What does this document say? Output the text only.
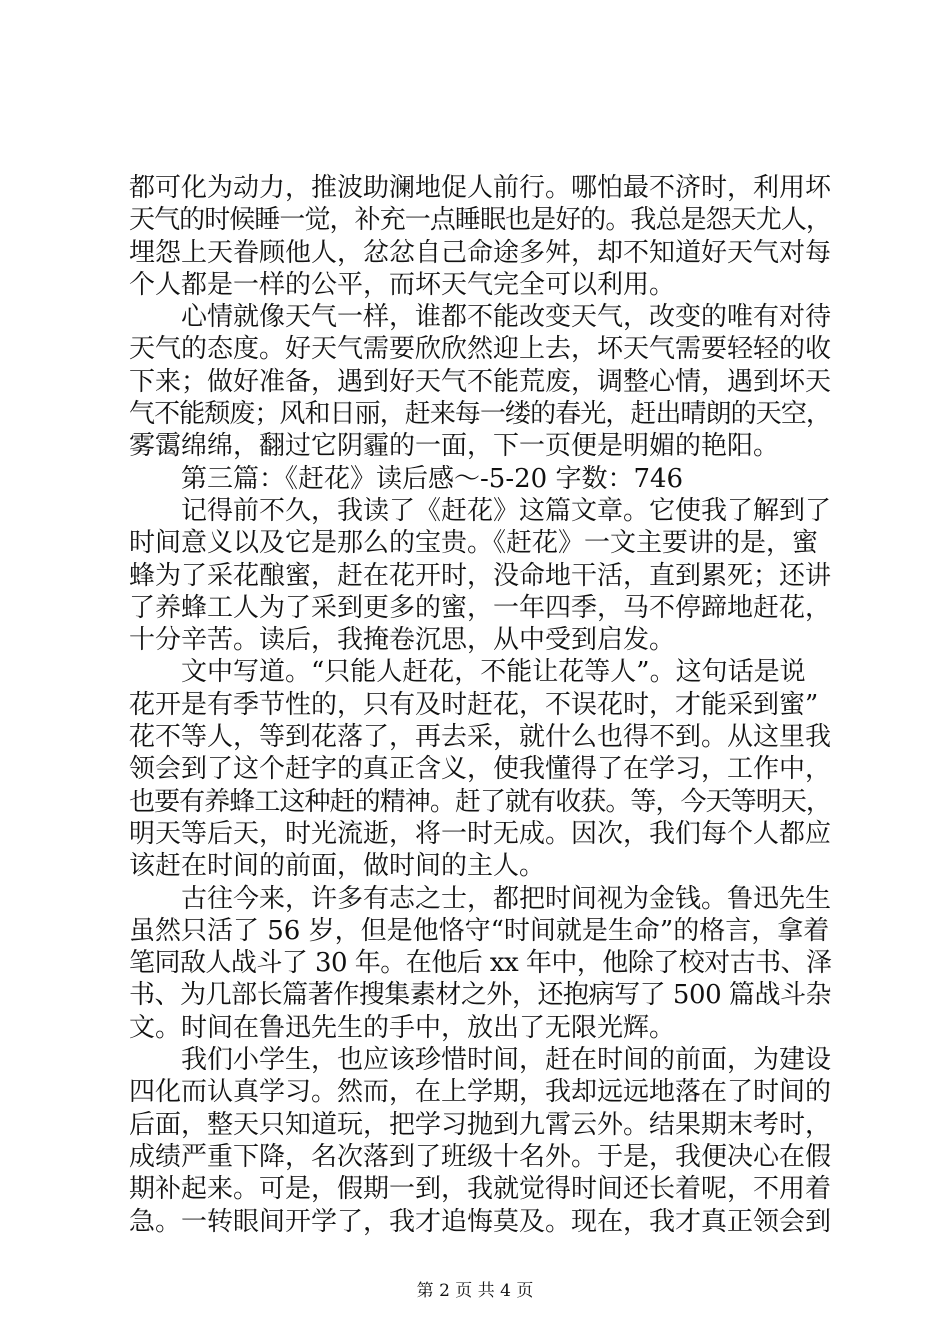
都可化为动力，推波助澜地促人前行。哪怕最不济时，利用坏
天气的时候睡一觉，补充一点睡眠也是好的。我总是怨天尤人，
埋怨上天眷顾他人，忿忿自己命途多舛，却不知道好天气对每
个人都是一样的公平，而坏天气完全可以利用。
　　心情就像天气一样，谁都不能改变天气，改变的唯有对待
天气的态度。好天气需要欣欣然迎上去，坏天气需要轻轻的收
下来；做好准备，遇到好天气不能荒废，调整心情，遇到坏天
气不能颓废；风和日丽，赶来每一缕的春光，赶出晴朗的天空，
雾霭绵绵，翻过它阴霾的一面，下一页便是明媚的艳阳。
　　第三篇：《赶花》读后感～-5-20 字数：746
　　记得前不久，我读了《赶花》这篇文章。它使我了解到了
时间意义以及它是那么的宝贵。《赶花》一文主要讲的是，蜜
蜂为了采花酿蜜，赶在花开时，没命地干活，直到累死；还讲
了养蜂工人为了采到更多的蜜，一年四季，马不停蹄地赶花，
十分辛苦。读后，我掩卷沉思，从中受到启发。
　　文中写道。“只能人赶花，不能让花等人”。这句话是说
花开是有季节性的，只有及时赶花，不误花时，才能采到蜜”
花不等人，等到花落了，再去采，就什么也得不到。从这里我
领会到了这个赶字的真正含义，使我懂得了在学习，工作中，
也要有养蜂工这种赶的精神。赶了就有收获。等，今天等明天，
明天等后天，时光流逝，将一时无成。因次，我们每个人都应
该赶在时间的前面，做时间的主人。
　　古往今来，许多有志之士，都把时间视为金钱。鲁迅先生
虽然只活了 56 岁，但是他恪守“时间就是生命”的格言，拿着
笔同敌人战斗了 30 年。在他后 xx 年中，他除了校对古书、泽
书、为几部长篇著作搜集素材之外，还抱病写了 500 篇战斗杂
文。时间在鲁迅先生的手中，放出了无限光辉。
　　我们小学生，也应该珍惜时间，赶在时间的前面，为建设
四化而认真学习。然而，在上学期，我却远远地落在了时间的
后面，整天只知道玩，把学习抛到九霄云外。结果期末考时，
成绩严重下降，名次落到了班级十名外。于是，我便决心在假
期补起来。可是，假期一到，我就觉得时间还长着呢，不用着
急。一转眼间开学了，我才追悔莫及。现在，我才真正领会到
第 2 页 共 4 页
